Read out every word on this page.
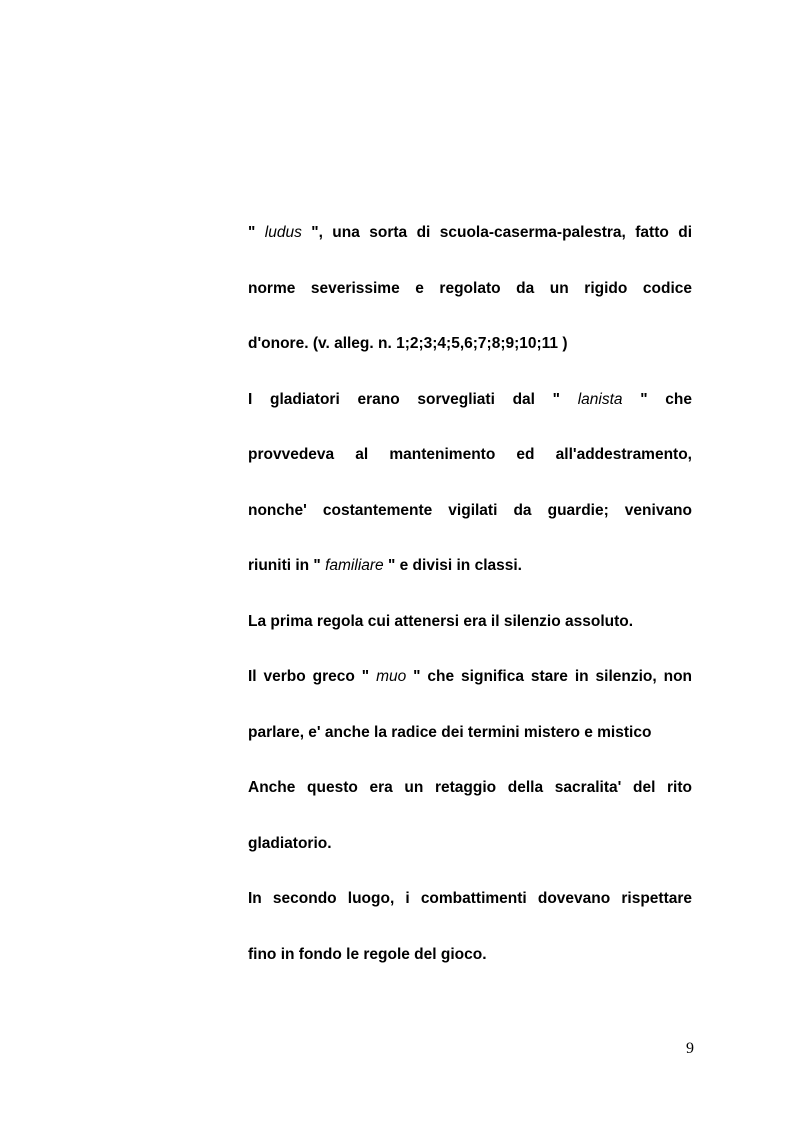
" ludus ", una sorta di scuola-caserma-palestra, fatto di
norme severissime e regolato da un rigido codice
d'onore. (v. alleg. n. 1;2;3;4;5,6;7;8;9;10;11 )
I gladiatori erano sorvegliati dal " lanista " che
provvedeva al mantenimento ed all'addestramento,
nonche' costantemente vigilati da guardie; venivano
riuniti in " familiare " e divisi in classi.
La prima regola cui attenersi era il silenzio assoluto.
Il verbo greco " muo " che significa stare in silenzio, non
parlare, e' anche la radice dei termini mistero e mistico
Anche questo era un retaggio della sacralita' del rito
gladiatorio.
In secondo luogo, i combattimenti dovevano rispettare
fino in fondo le regole del gioco.
9
